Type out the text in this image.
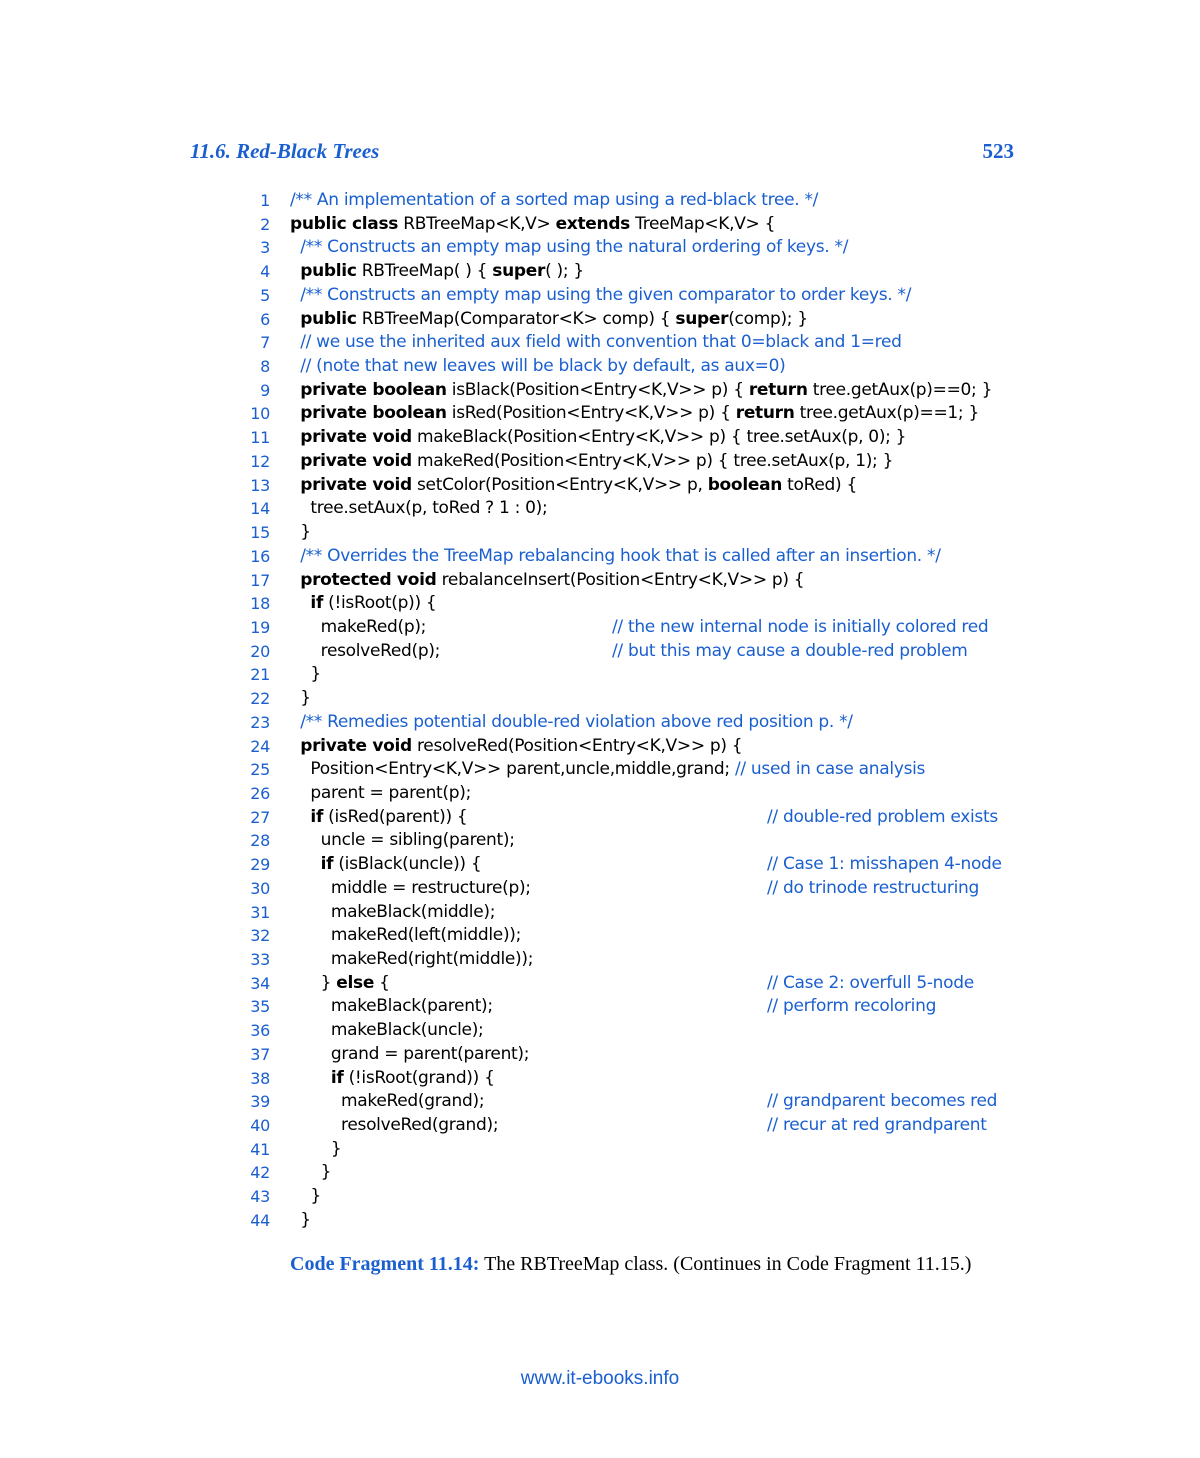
11.6. Red-Black Trees	523
1 /** An implementation of a sorted map using a red-black tree. */
2 public class RBTreeMap<K,V> extends TreeMap<K,V> {
3	/** Constructs an empty map using the natural ordering of keys. */
4	public RBTreeMap( ) { super( ); }
5	/** Constructs an empty map using the given comparator to order keys. */
6	public RBTreeMap(Comparator<K> comp) { super(comp); }
7	// we use the inherited aux field with convention that 0=black and 1=red
8	// (note that new leaves will be black by default, as aux=0)
9	private boolean isBlack(Position<Entry<K,V>> p) { return tree.getAux(p)==0; }
10	private boolean isRed(Position<Entry<K,V>> p) { return tree.getAux(p)==1; }
11	private void makeBlack(Position<Entry<K,V>> p) { tree.setAux(p, 0); }
12	private void makeRed(Position<Entry<K,V>> p) { tree.setAux(p, 1); }
13	private void setColor(Position<Entry<K,V>> p, boolean toRed) {
14 tree.setAux(p, toRed ? 1 : 0);
15 }
16	/** Overrides the TreeMap rebalancing hook that is called after an insertion. */
17	protected void rebalanceInsert(Position<Entry<K,V>> p) {
18	if (!isRoot(p)) {
19 makeRed(p);	// the new internal node is initially colored red
20 resolveRed(p);	// but this may cause a double-red problem
21 }
22 }
23	/** Remedies potential double-red violation above red position p. */
24	private void resolveRed(Position<Entry<K,V>> p) {
25 Position<Entry<K,V>> parent,uncle,middle,grand; // used in case analysis
26 parent = parent(p);
27	if (isRed(parent)) {	// double-red problem exists
28 uncle = sibling(parent);
29	if (isBlack(uncle)) {	// Case 1: misshapen 4-node
30 middle = restructure(p);	// do trinode restructuring
31 makeBlack(middle);
32 makeRed(left(middle));
33 makeRed(right(middle));
34 } else {	// Case 2: overfull 5-node
35 makeBlack(parent);	// perform recoloring
36 makeBlack(uncle);
37 grand = parent(parent);
38	if (!isRoot(grand)) {
39 makeRed(grand);	// grandparent becomes red
40 resolveRed(grand);	// recur at red grandparent
41 }
42 }
43 }
44 }
Code Fragment 11.14: The RBTreeMap class. (Continues in Code Fragment 11.15.)
www.it-ebooks.info
